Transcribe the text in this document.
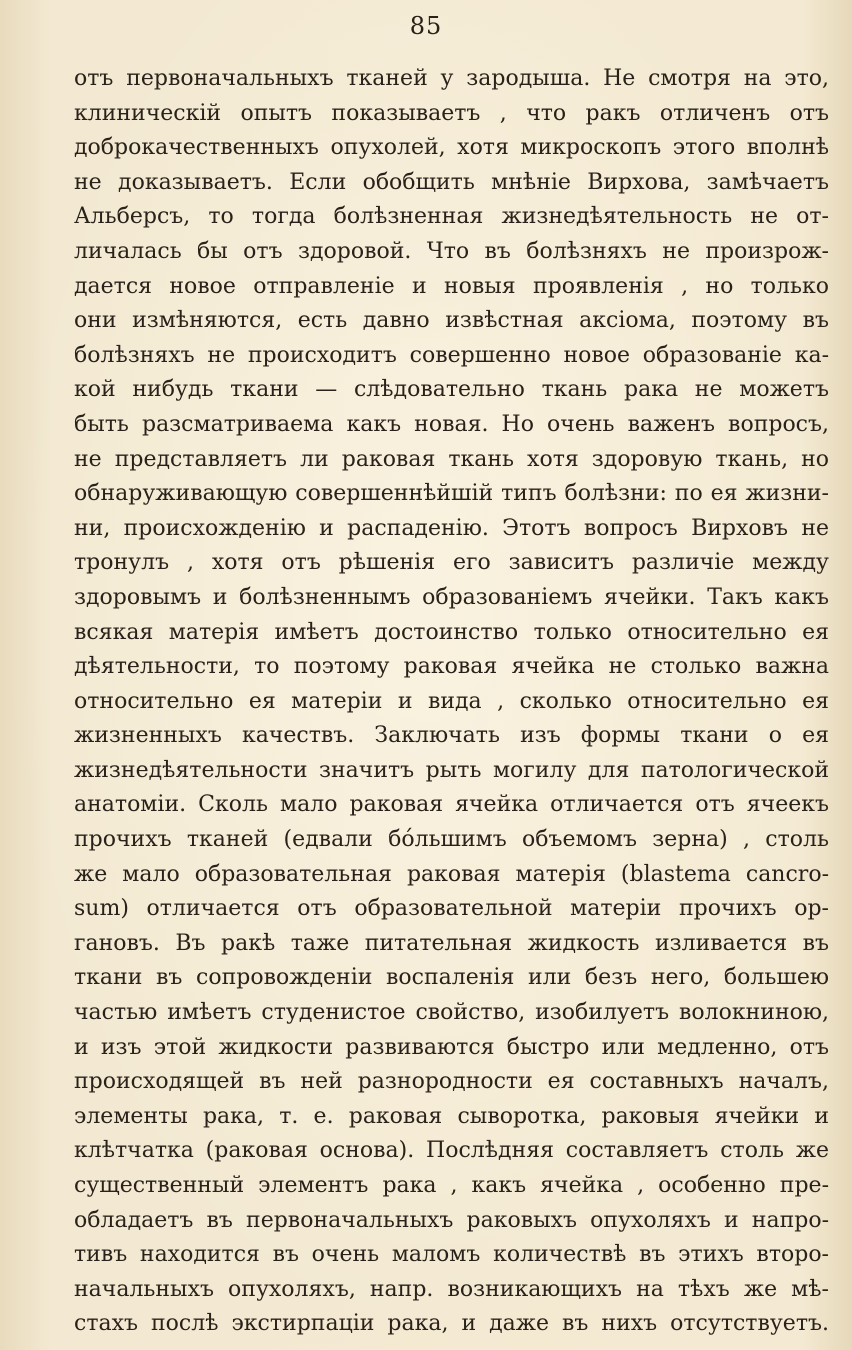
85
отъ первоначальныхъ тканей у зародыша. Не смотря на это,
клиническій опытъ показываетъ , что ракъ отличенъ отъ
доброкачественныхъ опухолей, хотя микроскопъ этого вполнѣ
не доказываетъ. Если обобщить мнѣніе Вирхова, замѣчаетъ
Альберсъ, то тогда болѣзненная жизнедѣятельность не от-
личалась бы отъ здоровой. Что въ болѣзняхъ не произрож-
дается новое отправленіе и новыя проявленія , но только
они измѣняются, есть давно извѣстная аксіома, поэтому въ
болѣзняхъ не происходитъ совершенно новое образованіе ка-
кой нибудь ткани — слѣдовательно ткань рака не можетъ
быть разсматриваема какъ новая. Но очень важенъ вопросъ,
не представляетъ ли раковая ткань хотя здоровую ткань, но
обнаруживающую совершеннѣйшій типъ болѣзни: по ея жизни-
ни, происхожденію и распаденію. Этотъ вопросъ Вирховъ не
тронулъ , хотя отъ рѣшенія его зависитъ различіе между
здоровымъ и болѣзненнымъ образованіемъ ячейки. Такъ какъ
всякая матерія имѣетъ достоинство только относительно ея
дѣятельности, то поэтому раковая ячейка не столько важна
относительно ея матеріи и вида , сколько относительно ея
жизненныхъ качествъ. Заключать изъ формы ткани о ея
жизнедѣятельности значитъ рыть могилу для патологической
анатоміи. Сколь мало раковая ячейка отличается отъ ячеекъ
прочихъ тканей (едвали бо́льшимъ объемомъ зерна) , столь
же мало образовательная раковая матерія (blastema cancro-
sum) отличается отъ образовательной матеріи прочихъ ор-
гановъ. Въ ракѣ таже питательная жидкость изливается въ
ткани въ сопровожденіи воспаленія или безъ него, большею
частью имѣетъ студенистое свойство, изобилуетъ волокниною,
и изъ этой жидкости развиваются быстро или медленно, отъ
происходящей въ ней разнородности ея составныхъ началъ,
элементы рака, т. е. раковая сыворотка, раковыя ячейки и
клѣтчатка (раковая основа). Послѣдняя составляетъ столь же
существенный элементъ рака , какъ ячейка , особенно пре-
обладаетъ въ первоначальныхъ раковыхъ опухоляхъ и напро-
тивъ находится въ очень маломъ количествѣ въ этихъ второ-
начальныхъ опухоляхъ, напр. возникающихъ на тѣхъ же мѣ-
стахъ послѣ экстирпаціи рака, и даже въ нихъ отсутствуетъ.
